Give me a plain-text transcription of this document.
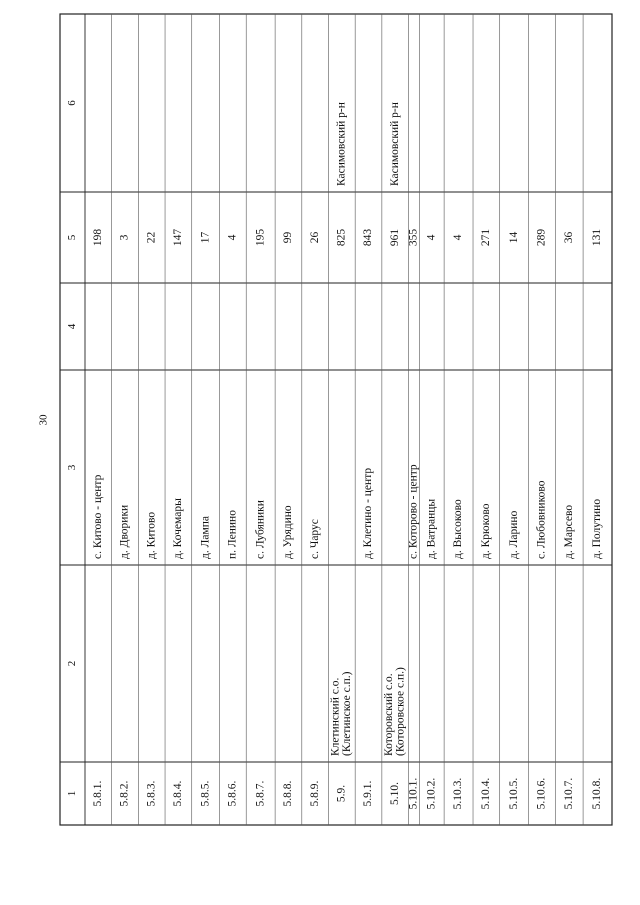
30
1
2
3
4
5
6
5.8.1.
с. Китово - центр
198
5.8.2.
д. Дворики
3
5.8.3.
д. Китово
22
5.8.4.
д. Кочемары
147
5.8.5.
д. Лампа
17
5.8.6.
п. Ленино
4
5.8.7.
с. Лубяники
195
5.8.8.
д. Урядино
99
5.8.9.
с. Чарус
26
5.9.
Клетинский с.о. (Клетинское с.п.)
825
Касимовский р-н
5.9.1.
д. Клетино - центр
843
5.10.
Которовский с.о. (Которовское с.п.)
961
Касимовский р-н
5.10.1.
с. Которово - центр
355
5.10.2.
д. Ватранцы
4
5.10.3.
д. Высоково
4
5.10.4.
д. Крюково
271
5.10.5.
д. Ларино
14
5.10.6.
с. Любовниково
289
5.10.7.
д. Марсево
36
5.10.8.
д. Полутино
131
